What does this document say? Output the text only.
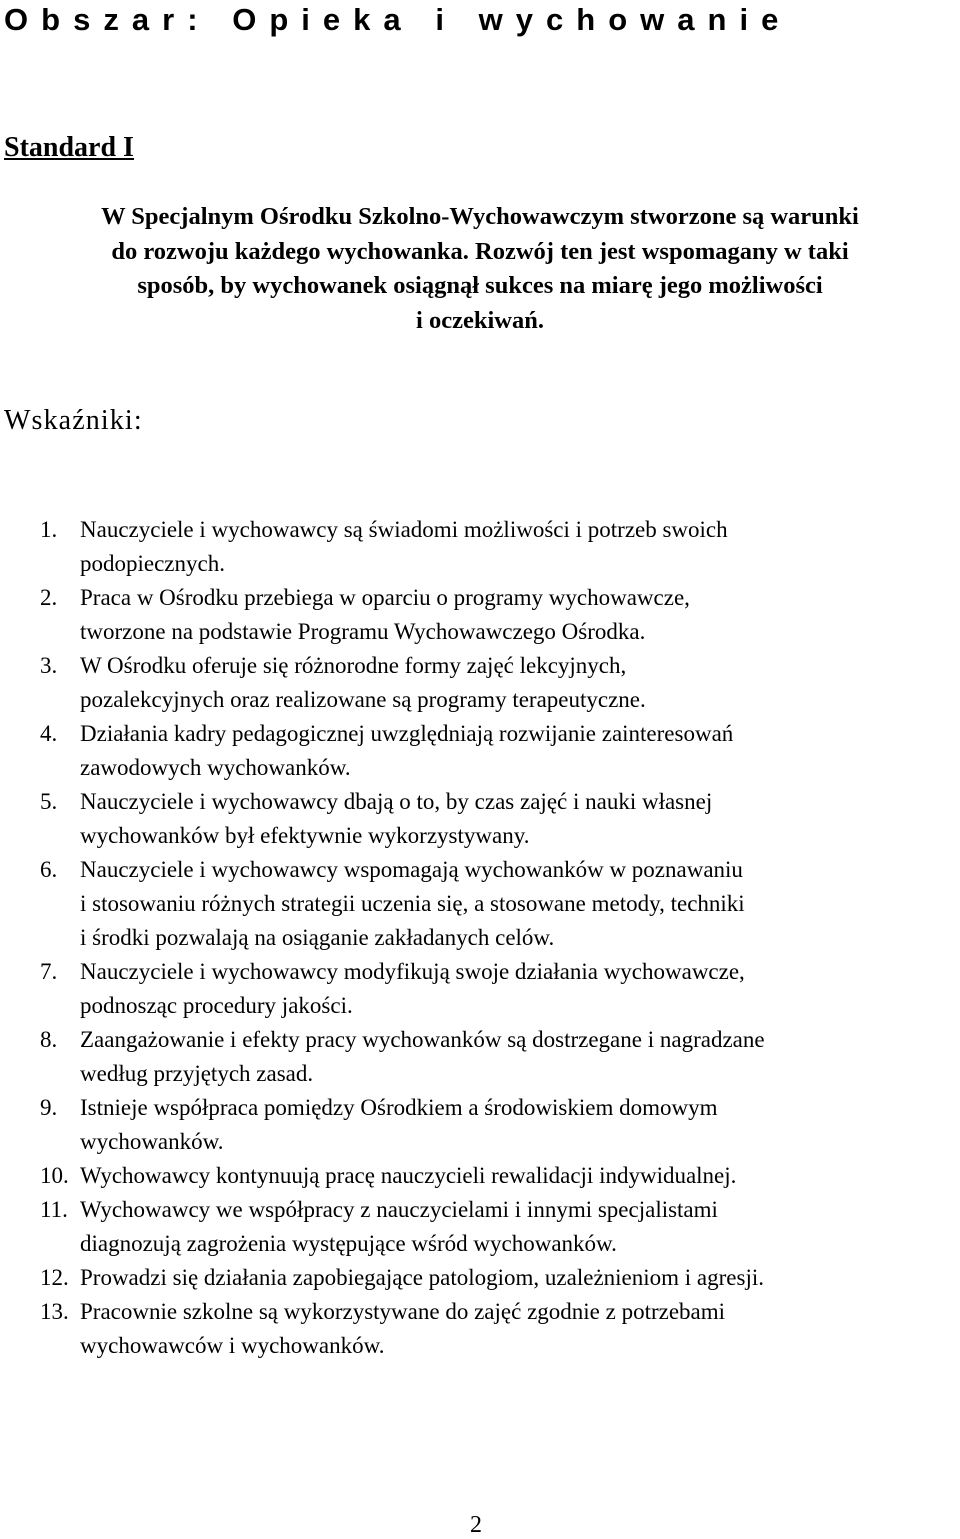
Obszar: Opieka i wychowanie
Standard I

W Specjalnym Ośrodku Szkolno-Wychowawczym stworzone są warunki
do rozwoju każdego wychowanka. Rozwój ten jest wspomagany w taki
sposób, by wychowanek osiągnął sukces na miarę jego możliwości
i oczekiwań.

Wskaźniki:
1. Nauczyciele i wychowawcy są świadomi możliwości i potrzeb swoich
podopiecznych.
2. Praca w Ośrodku przebiega w oparciu o programy wychowawcze,
tworzone na podstawie Programu Wychowawczego Ośrodka.
3. W Ośrodku oferuje się różnorodne formy zajęć lekcyjnych,
pozalekcyjnych oraz realizowane są programy terapeutyczne.
4. Działania kadry pedagogicznej uwzględniają rozwijanie zainteresowań
zawodowych wychowanków.
5. Nauczyciele i wychowawcy dbają o to, by czas zajęć i nauki własnej
wychowanków był efektywnie wykorzystywany.
6. Nauczyciele i wychowawcy wspomagają wychowanków w poznawaniu
i stosowaniu różnych strategii uczenia się, a stosowane metody, techniki
i środki pozwalają na osiąganie zakładanych celów.
7. Nauczyciele i wychowawcy modyfikują swoje działania wychowawcze,
podnosząc procedury jakości.
8. Zaangażowanie i efekty pracy wychowanków są dostrzegane i nagradzane
według przyjętych zasad.
9. Istnieje współpraca pomiędzy Ośrodkiem a środowiskiem domowym
wychowanków.
10. Wychowawcy kontynuują pracę nauczycieli rewalidacji indywidualnej.
11. Wychowawcy we współpracy z nauczycielami i innymi specjalistami
diagnozują zagrożenia występujące wśród wychowanków.
12. Prowadzi się działania zapobiegające patologiom, uzależnieniom i agresji.
13. Pracownie szkolne są wykorzystywane do zajęć zgodnie z potrzebami
wychowawców i wychowanków.
2
